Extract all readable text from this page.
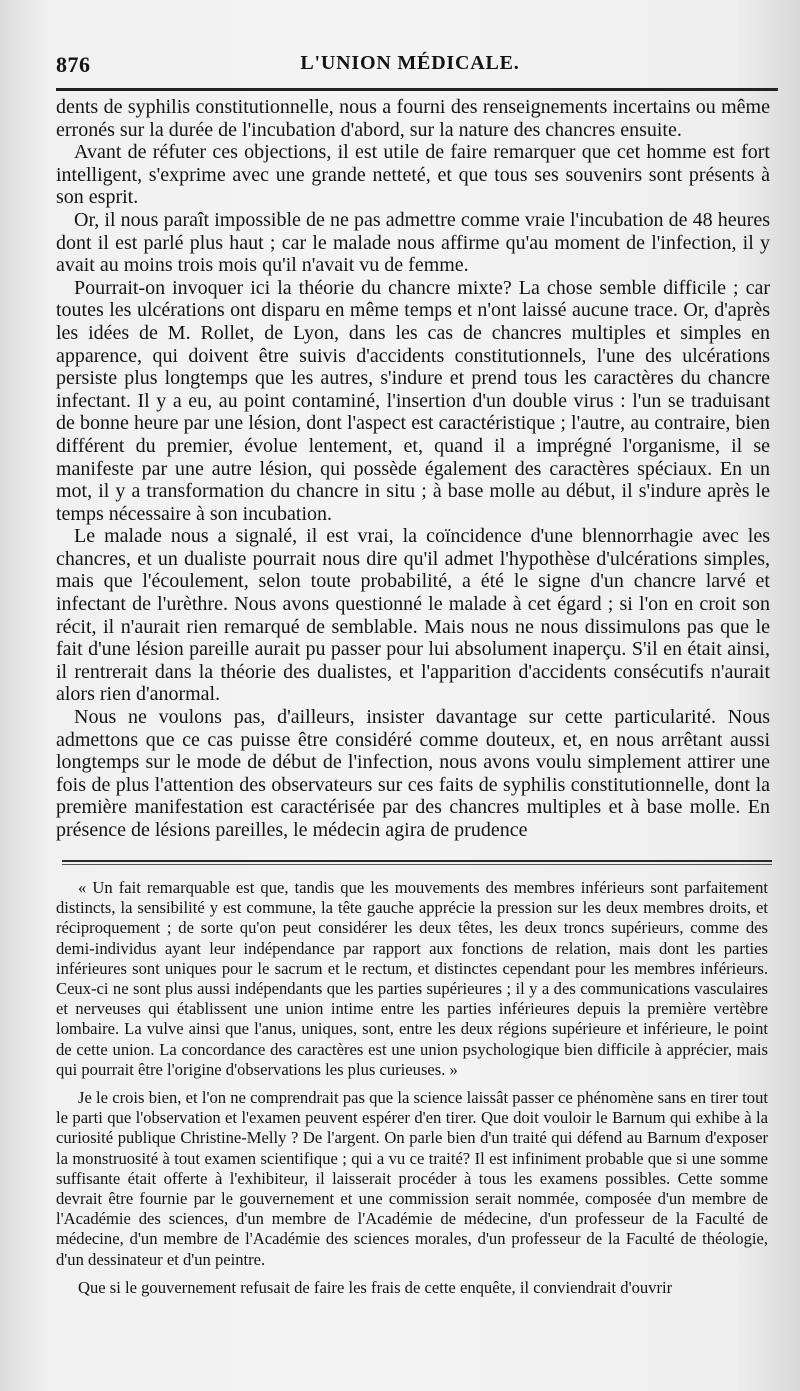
876	L'UNION MÉDICALE.

dents de syphilis constitutionnelle, nous a fourni des renseignements incertains ou même erronés sur la durée de l'incubation d'abord, sur la nature des chancres ensuite.

Avant de réfuter ces objections, il est utile de faire remarquer que cet homme est fort intelligent, s'exprime avec une grande netteté, et que tous ses souvenirs sont présents à son esprit.

Or, il nous paraît impossible de ne pas admettre comme vraie l'incubation de 48 heures dont il est parlé plus haut ; car le malade nous affirme qu'au moment de l'infection, il y avait au moins trois mois qu'il n'avait vu de femme.

Pourrait-on invoquer ici la théorie du chancre mixte? La chose semble difficile ; car toutes les ulcérations ont disparu en même temps et n'ont laissé aucune trace. Or, d'après les idées de M. Rollet, de Lyon, dans les cas de chancres multiples et simples en apparence, qui doivent être suivis d'accidents constitutionnels, l'une des ulcérations persiste plus longtemps que les autres, s'indure et prend tous les caractères du chancre infectant. Il y a eu, au point contaminé, l'insertion d'un double virus : l'un se traduisant de bonne heure par une lésion, dont l'aspect est caractéristique ; l'autre, au contraire, bien différent du premier, évolue lentement, et, quand il a imprégné l'organisme, il se manifeste par une autre lésion, qui possède également des caractères spéciaux. En un mot, il y a transformation du chancre in situ ; à base molle au début, il s'indure après le temps nécessaire à son incubation.

Le malade nous a signalé, il est vrai, la coïncidence d'une blennorrhagie avec les chancres, et un dualiste pourrait nous dire qu'il admet l'hypothèse d'ulcérations simples, mais que l'écoulement, selon toute probabilité, a été le signe d'un chancre larvé et infectant de l'urèthre. Nous avons questionné le malade à cet égard ; si l'on en croit son récit, il n'aurait rien remarqué de semblable. Mais nous ne nous dissimulons pas que le fait d'une lésion pareille aurait pu passer pour lui absolument inaperçu. S'il en était ainsi, il rentrerait dans la théorie des dualistes, et l'apparition d'accidents consécutifs n'aurait alors rien d'anormal.

Nous ne voulons pas, d'ailleurs, insister davantage sur cette particularité. Nous admettons que ce cas puisse être considéré comme douteux, et, en nous arrêtant aussi longtemps sur le mode de début de l'infection, nous avons voulu simplement attirer une fois de plus l'attention des observateurs sur ces faits de syphilis constitutionnelle, dont la première manifestation est caractérisée par des chancres multiples et à base molle. En présence de lésions pareilles, le médecin agira de prudence

« Un fait remarquable est que, tandis que les mouvements des membres inférieurs sont parfaitement distincts, la sensibilité y est commune, la tête gauche apprécie la pression sur les deux membres droits, et réciproquement ; de sorte qu'on peut considérer les deux têtes, les deux troncs supérieurs, comme des demi-individus ayant leur indépendance par rapport aux fonctions de relation, mais dont les parties inférieures sont uniques pour le sacrum et le rectum, et distinctes cependant pour les membres inférieurs. Ceux-ci ne sont plus aussi indépendants que les parties supérieures ; il y a des communications vasculaires et nerveuses qui établissent une union intime entre les parties inférieures depuis la première vertèbre lombaire. La vulve ainsi que l'anus, uniques, sont, entre les deux régions supérieure et inférieure, le point de cette union. La concordance des caractères est une union psychologique bien difficile à apprécier, mais qui pourrait être l'origine d'observations les plus curieuses. »

Je le crois bien, et l'on ne comprendrait pas que la science laissât passer ce phénomène sans en tirer tout le parti que l'observation et l'examen peuvent espérer d'en tirer. Que doit vouloir le Barnum qui exhibe à la curiosité publique Christine-Melly ? De l'argent. On parle bien d'un traité qui défend au Barnum d'exposer la monstruosité à tout examen scientifique ; qui a vu ce traité? Il est infiniment probable que si une somme suffisante était offerte à l'exhibiteur, il laisserait procéder à tous les examens possibles. Cette somme devrait être fournie par le gouvernement et une commission serait nommée, composée d'un membre de l'Académie des sciences, d'un membre de l'Académie de médecine, d'un professeur de la Faculté de médecine, d'un membre de l'Académie des sciences morales, d'un professeur de la Faculté de théologie, d'un dessinateur et d'un peintre.

Que si le gouvernement refusait de faire les frais de cette enquête, il conviendrait d'ouvrir
